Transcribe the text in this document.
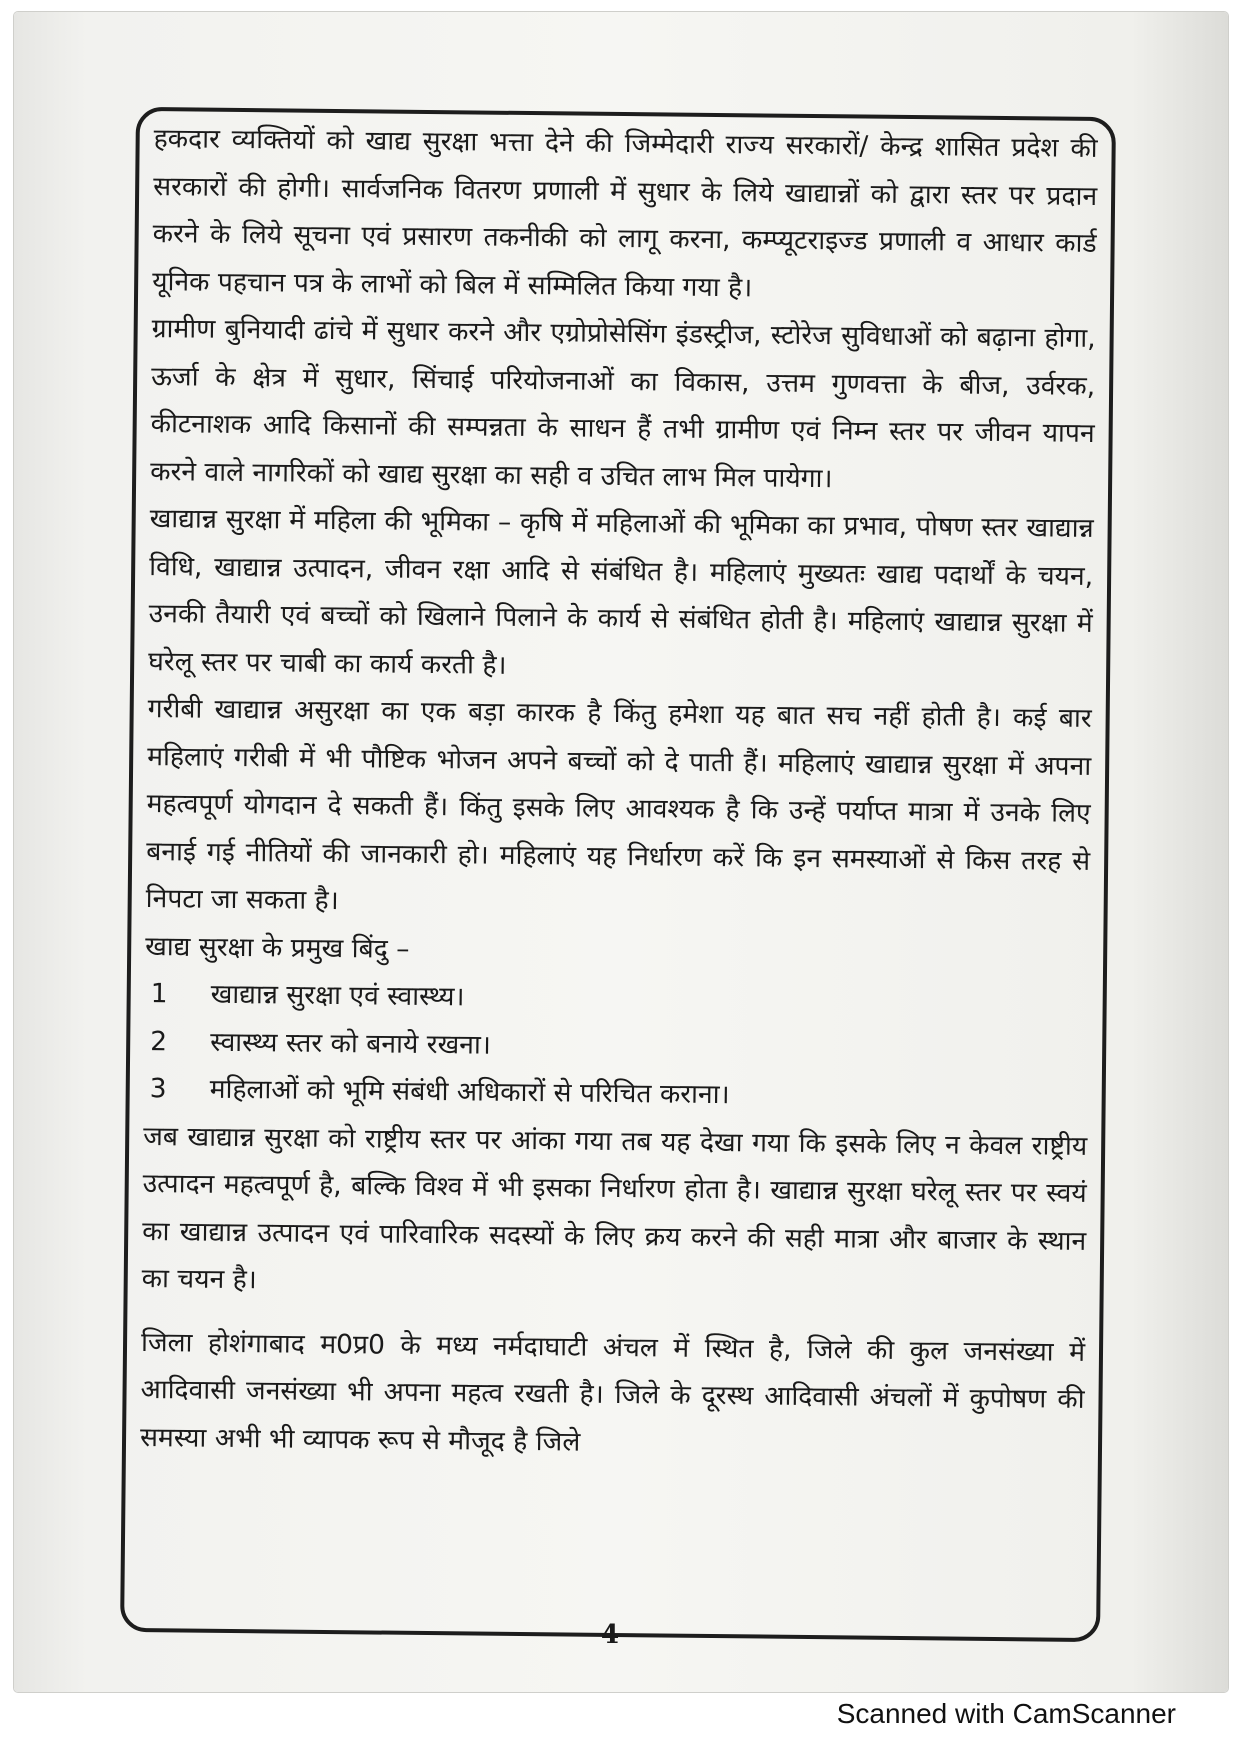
हकदार व्यक्तियों को खाद्य सुरक्षा भत्ता देने की जिम्मेदारी राज्य सरकारों/ केन्द्र शासित प्रदेश की सरकारों की होगी। सार्वजनिक वितरण प्रणाली में सुधार के लिये खाद्यान्नों को द्वारा स्तर पर प्रदान करने के लिये सूचना एवं प्रसारण तकनीकी को लागू करना, कम्प्यूटराइज्ड प्रणाली व आधार कार्ड यूनिक पहचान पत्र के लाभों को बिल में सम्मिलित किया गया है।

ग्रामीण बुनियादी ढांचे में सुधार करने और एग्रोप्रोसेसिंग इंडस्ट्रीज, स्टोरेज सुविधाओं को बढ़ाना होगा, ऊर्जा के क्षेत्र में सुधार, सिंचाई परियोजनाओं का विकास, उत्तम गुणवत्ता के बीज, उर्वरक, कीटनाशक आदि किसानों की सम्पन्नता के साधन हैं तभी ग्रामीण एवं निम्न स्तर पर जीवन यापन करने वाले नागरिकों को खाद्य सुरक्षा का सही व उचित लाभ मिल पायेगा।

खाद्यान्न सुरक्षा में महिला की भूमिका – कृषि में महिलाओं की भूमिका का प्रभाव, पोषण स्तर खाद्यान्न विधि, खाद्यान्न उत्पादन, जीवन रक्षा आदि से संबंधित है। महिलाएं मुख्यतः खाद्य पदार्थों के चयन, उनकी तैयारी एवं बच्चों को खिलाने पिलाने के कार्य से संबंधित होती है। महिलाएं खाद्यान्न सुरक्षा में घरेलू स्तर पर चाबी का कार्य करती है।

गरीबी खाद्यान्न असुरक्षा का एक बड़ा कारक है किंतु हमेशा यह बात सच नहीं होती है। कई बार महिलाएं गरीबी में भी पौष्टिक भोजन अपने बच्चों को दे पाती हैं। महिलाएं खाद्यान्न सुरक्षा में अपना महत्वपूर्ण योगदान दे सकती हैं। किंतु इसके लिए आवश्यक है कि उन्हें पर्याप्त मात्रा में उनके लिए बनाई गई नीतियों की जानकारी हो। महिलाएं यह निर्धारण करें कि इन समस्याओं से किस तरह से निपटा जा सकता है।

खाद्य सुरक्षा के प्रमुख बिंदु –

1	खाद्यान्न सुरक्षा एवं स्वास्थ्य।
2	स्वास्थ्य स्तर को बनाये रखना।
3	महिलाओं को भूमि संबंधी अधिकारों से परिचित कराना।

जब खाद्यान्न सुरक्षा को राष्ट्रीय स्तर पर आंका गया तब यह देखा गया कि इसके लिए न केवल राष्ट्रीय उत्पादन महत्वपूर्ण है, बल्कि विश्व में भी इसका निर्धारण होता है। खाद्यान्न सुरक्षा घरेलू स्तर पर स्वयं का खाद्यान्न उत्पादन एवं पारिवारिक सदस्यों के लिए क्रय करने की सही मात्रा और बाजार के स्थान का चयन है।

जिला होशंगाबाद म0प्र0 के मध्य नर्मदाघाटी अंचल में स्थित है, जिले की कुल जनसंख्या में आदिवासी जनसंख्या भी अपना महत्व रखती है। जिले के दूरस्थ आदिवासी अंचलों में कुपोषण की समस्या अभी भी व्यापक रूप से मौजूद है जिले

4
Scanned with CamScanner
